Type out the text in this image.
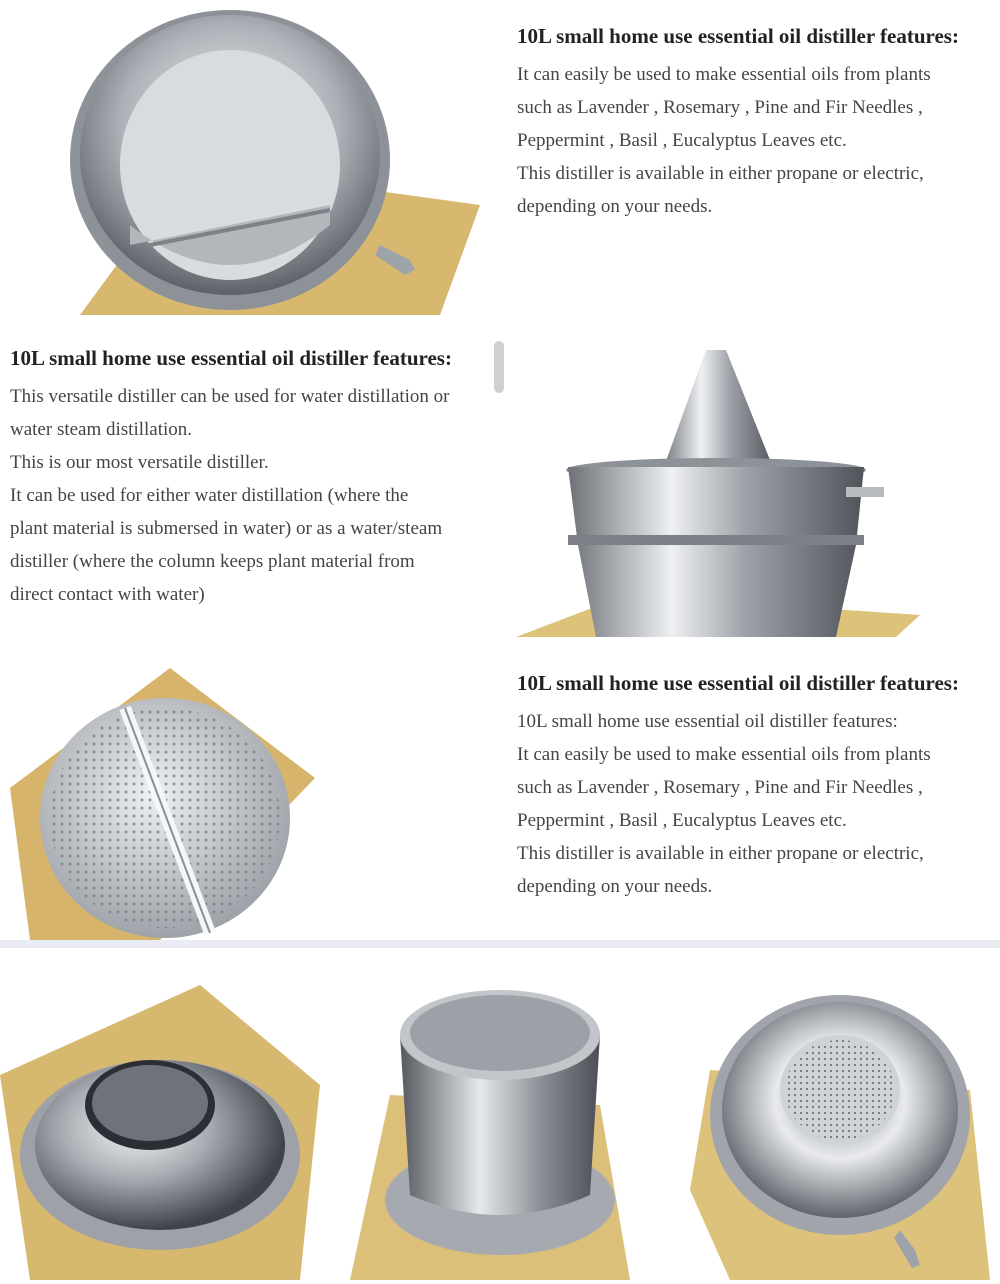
10L small home use essential oil distiller features:

It can easily be used to make essential oils from plants

such as Lavender , Rosemary , Pine and Fir Needles ,

Peppermint , Basil , Eucalyptus Leaves etc.

This distiller is available in either propane or electric,

depending on your needs.

10L small home use essential oil distiller features:

This versatile distiller can be used for water distillation or

water steam distillation.

This is our most versatile distiller.

It can be used for either water distillation (where the

plant material is submersed in water) or as a water/steam

distiller (where the column keeps plant material from

direct contact with water)

10L small home use essential oil distiller features:

10L small home use essential oil distiller features:

It can easily be used to make essential oils from plants

such as Lavender , Rosemary , Pine and Fir Needles ,

Peppermint , Basil , Eucalyptus Leaves etc.

This distiller is available in either propane or electric,

depending on your needs.
